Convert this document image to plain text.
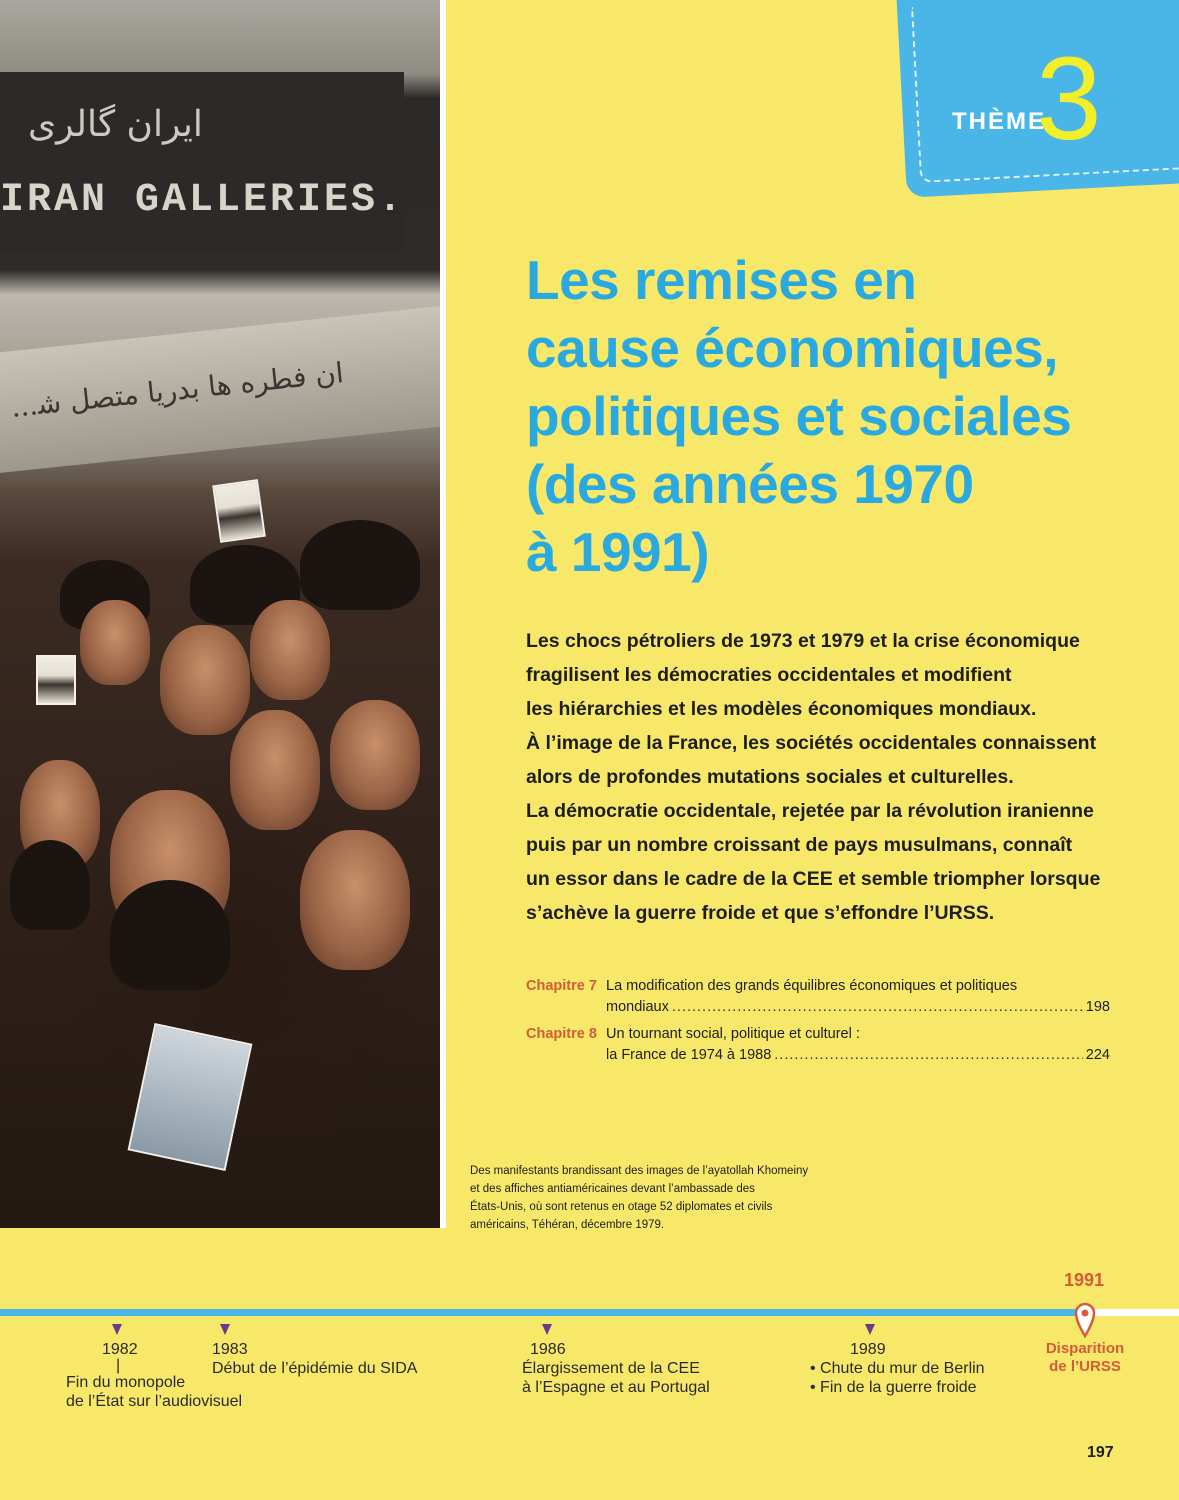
ایران گالری
IRAN GALLERIES.
...ان ﻓﻄﺮه ﻫﺎ ﺑﺪرﯾﺎ ﻣﺘﺼﻞ ﺷ
THÈME
3
Les remises en
cause économiques,
politiques et sociales
(des années 1970
à 1991)
Les chocs pétroliers de 1973 et 1979 et la crise économique
fragilisent les démocraties occidentales et modifient
les hiérarchies et les modèles économiques mondiaux.
À l’image de la France, les sociétés occidentales connaissent
alors de profondes mutations sociales et culturelles.
La démocratie occidentale, rejetée par la révolution iranienne
puis par un nombre croissant de pays musulmans, connaît
un essor dans le cadre de la CEE et semble triompher lorsque
s’achève la guerre froide et que s’effondre l’URSS.
Chapitre 7 La modification des grands équilibres économiques et politiques
mondiaux .....	198
Chapitre 8 Un tournant social, politique et culturel :
la France de 1974 à 1988 .....	224
Des manifestants brandissant des images de l’ayatollah Khomeiny
et des affiches antiaméricaines devant l’ambassade des
États-Unis, où sont retenus en otage 52 diplomates et civils
américains, Téhéran, décembre 1979.
1982
|
Fin du monopole
de l’État sur l’audiovisuel
1983
Début de l’épidémie du SIDA
1986
Élargissement de la CEE
à l’Espagne et au Portugal
1989
• Chute du mur de Berlin
• Fin de la guerre froide
1991
Disparition
de l’URSS
197
